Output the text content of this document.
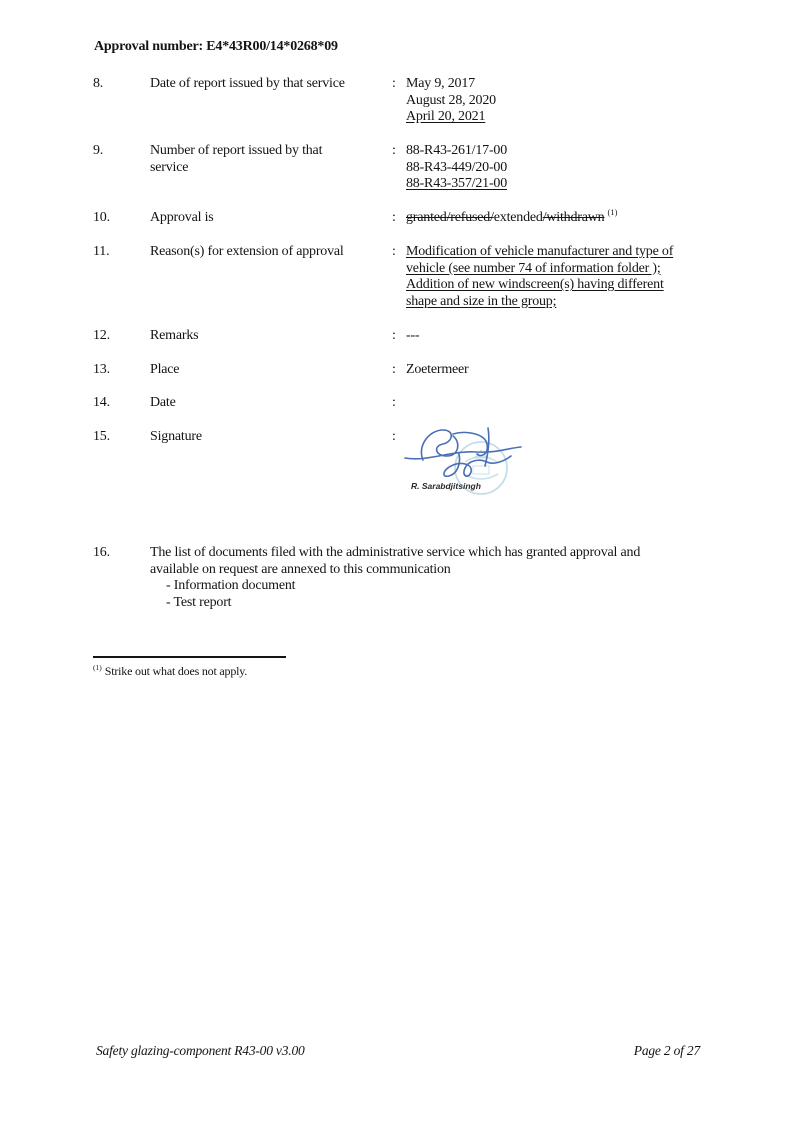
Approval number: E4*43R00/14*0268*09
8.	Date of report issued by that service	: May 9, 2017
August 28, 2020
April 20, 2021
9.	Number of report issued by that
service
: 88-R43-261/17-00
88-R43-449/20-00
88-R43-357/21-00
10.	Approval is	: granted/refused/extended/withdrawn $^{(1)}$
11.	Reason(s) for extension of approval	: Modification of vehicle manufacturer and type of
vehicle (see number 74 of information folder );
Addition of new windscreen(s) having different
shape and size in the group;
12.	Remarks	: ---
13.	Place	: Zoetermeer
14.	Date	:
15.	Signature	:
R. Sarabdjitsingh
16.	The list of documents filed with the administrative service which has granted approval and
available on request are annexed to this communication
- Information document
- Test report
$^{(1)}$ Strike out what does not apply.
Safety glazing-component R43-00 v3.00	Page 2 of 27
